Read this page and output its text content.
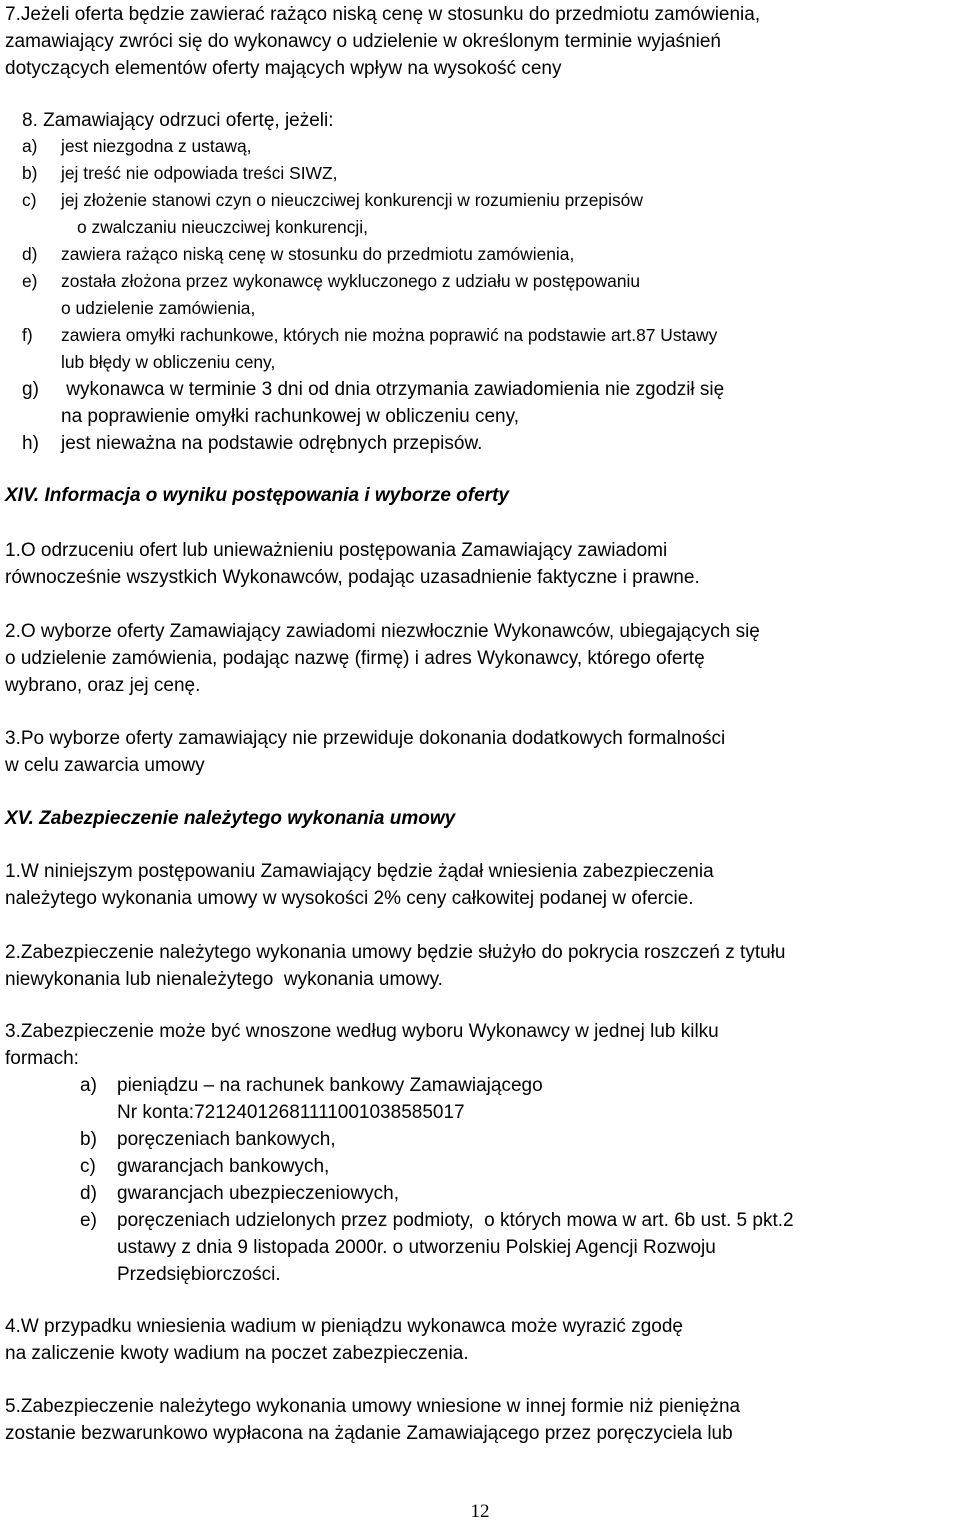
7.Jeżeli oferta będzie zawierać rażąco niską cenę w stosunku do przedmiotu zamówienia,
zamawiający zwróci się do wykonawcy o udzielenie w określonym terminie wyjaśnień
dotyczących elementów oferty mających wpływ na wysokość ceny
8. Zamawiający odrzuci ofertę, jeżeli:
a) jest niezgodna z ustawą,
b) jej treść nie odpowiada treści SIWZ,
c) jej złożenie stanowi czyn o nieuczciwej konkurencji w rozumieniu przepisów
o zwalczaniu nieuczciwej konkurencji,
d) zawiera rażąco niską cenę w stosunku do przedmiotu zamówienia,
e) została złożona przez wykonawcę wykluczonego z udziału w postępowaniu
o udzielenie zamówienia,
f) zawiera omyłki rachunkowe, których nie można poprawić na podstawie art.87 Ustawy
lub błędy w obliczeniu ceny,
g) wykonawca w terminie 3 dni od dnia otrzymania zawiadomienia nie zgodził się
na poprawienie omyłki rachunkowej w obliczeniu ceny,
h) jest nieważna na podstawie odrębnych przepisów.
XIV. Informacja o wyniku postępowania i wyborze oferty
1.O odrzuceniu ofert lub unieważnieniu postępowania Zamawiający zawiadomi
równocześnie wszystkich Wykonawców, podając uzasadnienie faktyczne i prawne.
2.O wyborze oferty Zamawiający zawiadomi niezwłocznie Wykonawców, ubiegających się
o udzielenie zamówienia, podając nazwę (firmę) i adres Wykonawcy, którego ofertę
wybrano, oraz jej cenę.
3.Po wyborze oferty zamawiający nie przewiduje dokonania dodatkowych formalności
w celu zawarcia umowy
XV. Zabezpieczenie należytego wykonania umowy
1.W niniejszym postępowaniu Zamawiający będzie żądał wniesienia zabezpieczenia
należytego wykonania umowy w wysokości 2% ceny całkowitej podanej w ofercie.
2.Zabezpieczenie należytego wykonania umowy będzie służyło do pokrycia roszczeń z tytułu
niewykonania lub nienależytego  wykonania umowy.
3.Zabezpieczenie może być wnoszone według wyboru Wykonawcy w jednej lub kilku
formach:
a) pieniądzu – na rachunek bankowy Zamawiającego
Nr konta:72124012681111001038585017
b) poręczeniach bankowych,
c) gwarancjach bankowych,
d) gwarancjach ubezpieczeniowych,
e) poręczeniach udzielonych przez podmioty,  o których mowa w art. 6b ust. 5 pkt.2
ustawy z dnia 9 listopada 2000r. o utworzeniu Polskiej Agencji Rozwoju
Przedsiębiorczości.
4.W przypadku wniesienia wadium w pieniądzu wykonawca może wyrazić zgodę
na zaliczenie kwoty wadium na poczet zabezpieczenia.
5.Zabezpieczenie należytego wykonania umowy wniesione w innej formie niż pieniężna
zostanie bezwarunkowo wypłacona na żądanie Zamawiającego przez poręczyciela lub
12
